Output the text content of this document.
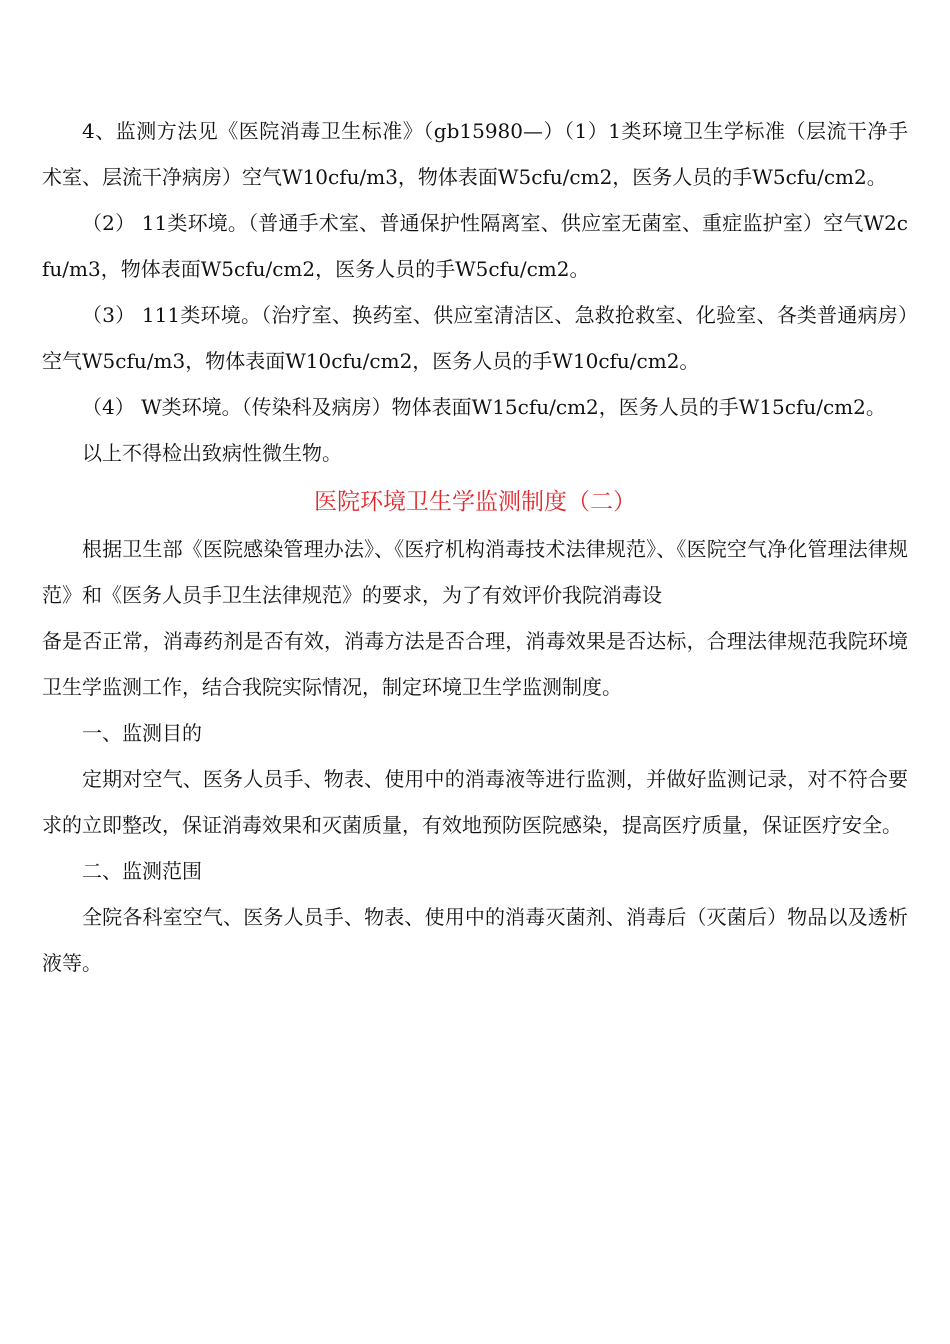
4、监测方法见《医院消毒卫生标准》（gb15980—）（1）1类环境卫生学标准（层流干净手术室、层流干净病房）空气W10cfu/m3，物体表面W5cfu/cm2，医务人员的手W5cfu/cm2。

（2） 11类环境。（普通手术室、普通保护性隔离室、供应室无菌室、重症监护室）空气W2cfu/m3，物体表面W5cfu/cm2，医务人员的手W5cfu/cm2。

（3） 111类环境。（治疗室、换药室、供应室清洁区、急救抢救室、化验室、各类普通病房）空气W5cfu/m3，物体表面W10cfu/cm2，医务人员的手W10cfu/cm2。

（4） W类环境。（传染科及病房）物体表面W15cfu/cm2，医务人员的手W15cfu/cm2。

以上不得检出致病性微生物。

医院环境卫生学监测制度（二）

根据卫生部《医院感染管理办法》、《医疗机构消毒技术法律规范》、《医院空气净化管理法律规范》和《医务人员手卫生法律规范》的要求，为了有效评价我院消毒设

备是否正常，消毒药剂是否有效，消毒方法是否合理，消毒效果是否达标，合理法律规范我院环境卫生学监测工作，结合我院实际情况，制定环境卫生学监测制度。

一、监测目的

定期对空气、医务人员手、物表、使用中的消毒液等进行监测，并做好监测记录，对不符合要求的立即整改，保证消毒效果和灭菌质量，有效地预防医院感染，提高医疗质量，保证医疗安全。

二、监测范围

全院各科室空气、医务人员手、物表、使用中的消毒灭菌剂、消毒后（灭菌后）物品以及透析液等。
